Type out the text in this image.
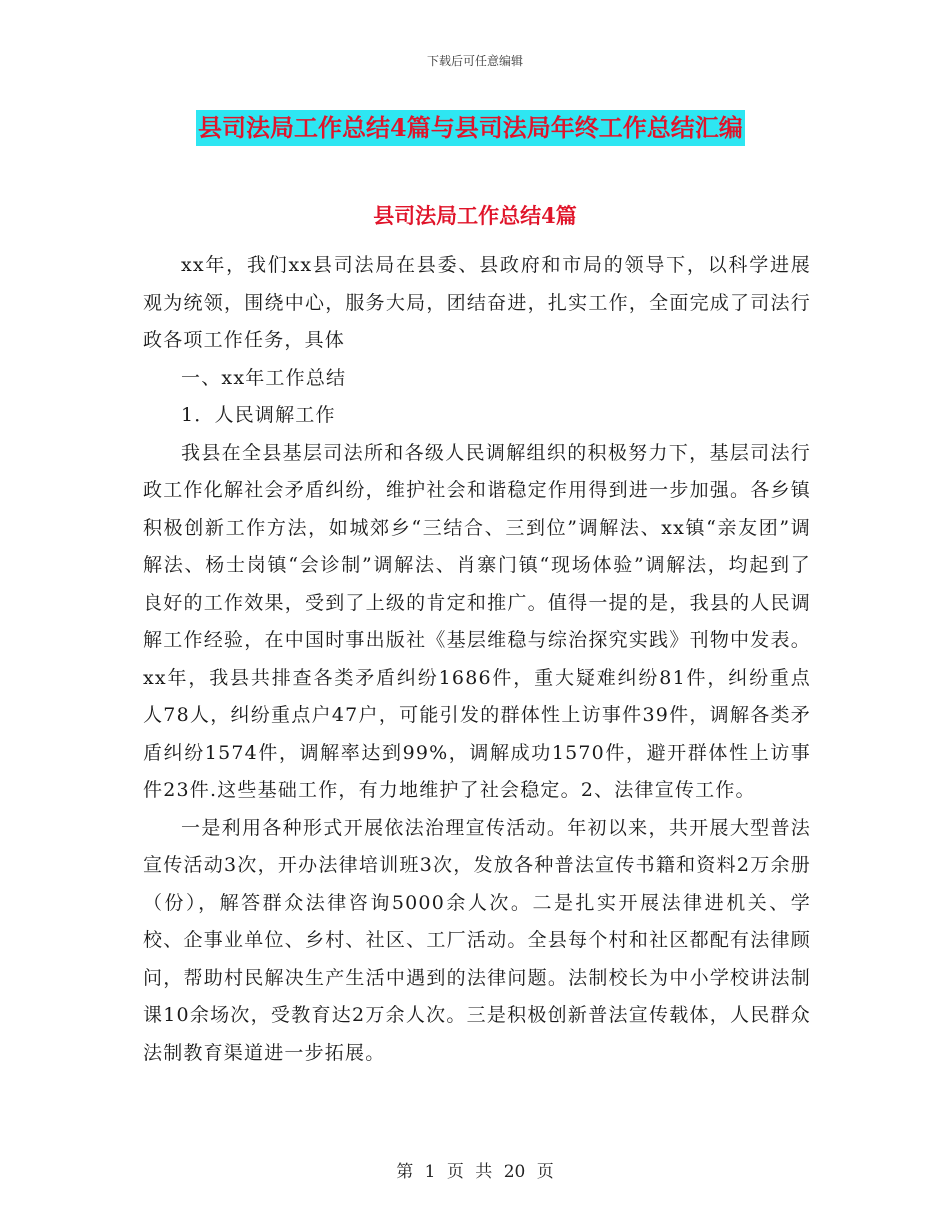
下载后可任意编辑
县司法局工作总结4篇与县司法局年终工作总结汇编
县司法局工作总结4篇

xx年，我们xx县司法局在县委、县政府和市局的领导下，以科学进展观为统领，围绕中心，服务大局，团结奋进，扎实工作，全面完成了司法行政各项工作任务，具体

一、xx年工作总结

1．人民调解工作

我县在全县基层司法所和各级人民调解组织的积极努力下，基层司法行政工作化解社会矛盾纠纷，维护社会和谐稳定作用得到进一步加强。各乡镇积极创新工作方法，如城郊乡“三结合、三到位”调解法、xx镇“亲友团”调解法、杨士岗镇“会诊制”调解法、肖寨门镇“现场体验”调解法，均起到了良好的工作效果，受到了上级的肯定和推广。值得一提的是，我县的人民调解工作经验，在中国时事出版社《基层维稳与综治探究实践》刊物中发表。xx年，我县共排查各类矛盾纠纷1686件，重大疑难纠纷81件，纠纷重点人78人，纠纷重点户47户，可能引发的群体性上访事件39件，调解各类矛盾纠纷1574件，调解率达到99%，调解成功1570件，避开群体性上访事件23件.这些基础工作，有力地维护了社会稳定。2、法律宣传工作。

一是利用各种形式开展依法治理宣传活动。年初以来，共开展大型普法宣传活动3次，开办法律培训班3次，发放各种普法宣传书籍和资料2万余册（份），解答群众法律咨询5000余人次。二是扎实开展法律进机关、学校、企事业单位、乡村、社区、工厂活动。全县每个村和社区都配有法律顾问，帮助村民解决生产生活中遇到的法律问题。法制校长为中小学校讲法制课10余场次，受教育达2万余人次。三是积极创新普法宣传载体，人民群众法制教育渠道进一步拓展。

第 1 页 共 20 页
